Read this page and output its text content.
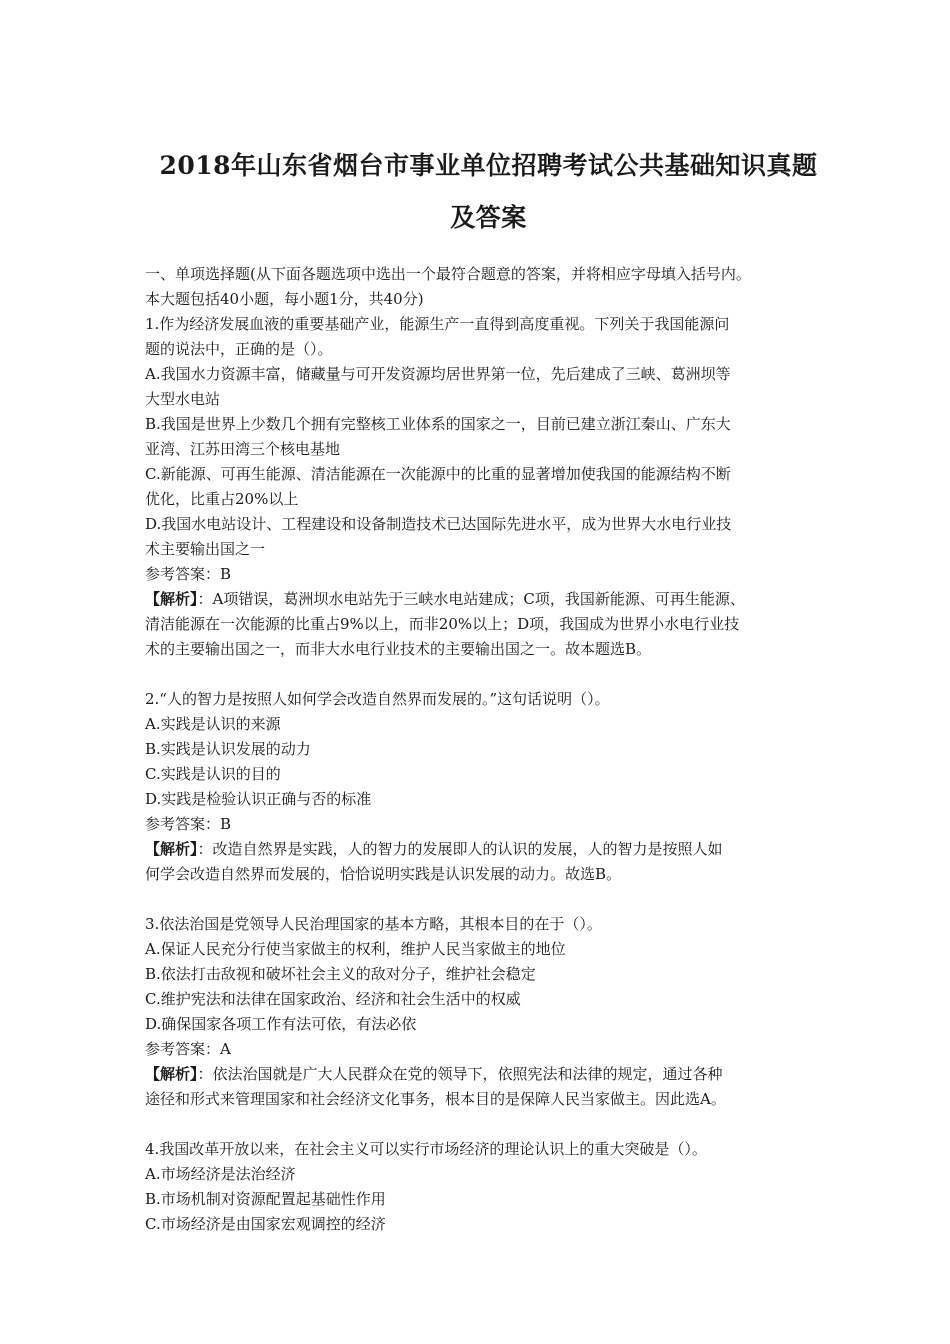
2018年山东省烟台市事业单位招聘考试公共基础知识真题
及答案
一、单项选择题(从下面各题选项中选出一个最符合题意的答案，并将相应字母填入括号内。
本大题包括40小题，每小题1分，共40分)
1.作为经济发展血液的重要基础产业，能源生产一直得到高度重视。下列关于我国能源问
题的说法中，正确的是（）。
A.我国水力资源丰富，储藏量与可开发资源均居世界第一位，先后建成了三峡、葛洲坝等
大型水电站
B.我国是世界上少数几个拥有完整核工业体系的国家之一，目前已建立浙江秦山、广东大
亚湾、江苏田湾三个核电基地
C.新能源、可再生能源、清洁能源在一次能源中的比重的显著增加使我国的能源结构不断
优化，比重占20%以上
D.我国水电站设计、工程建设和设备制造技术已达国际先进水平，成为世界大水电行业技
术主要输出国之一
参考答案：B
【解析】：A项错误，葛洲坝水电站先于三峡水电站建成；C项，我国新能源、可再生能源、
清洁能源在一次能源的比重占9%以上，而非20%以上；D项，我国成为世界小水电行业技
术的主要输出国之一，而非大水电行业技术的主要输出国之一。故本题选B。
2.“人的智力是按照人如何学会改造自然界而发展的。”这句话说明（）。
A.实践是认识的来源
B.实践是认识发展的动力
C.实践是认识的目的
D.实践是检验认识正确与否的标准
参考答案：B
【解析】：改造自然界是实践，人的智力的发展即人的认识的发展，人的智力是按照人如
何学会改造自然界而发展的，恰恰说明实践是认识发展的动力。故选B。
3.依法治国是党领导人民治理国家的基本方略，其根本目的在于（）。
A.保证人民充分行使当家做主的权利，维护人民当家做主的地位
B.依法打击敌视和破坏社会主义的敌对分子，维护社会稳定
C.维护宪法和法律在国家政治、经济和社会生活中的权威
D.确保国家各项工作有法可依，有法必依
参考答案：A
【解析】：依法治国就是广大人民群众在党的领导下，依照宪法和法律的规定，通过各种
途径和形式来管理国家和社会经济文化事务，根本目的是保障人民当家做主。因此选A。
4.我国改革开放以来，在社会主义可以实行市场经济的理论认识上的重大突破是（）。
A.市场经济是法治经济
B.市场机制对资源配置起基础性作用
C.市场经济是由国家宏观调控的经济
